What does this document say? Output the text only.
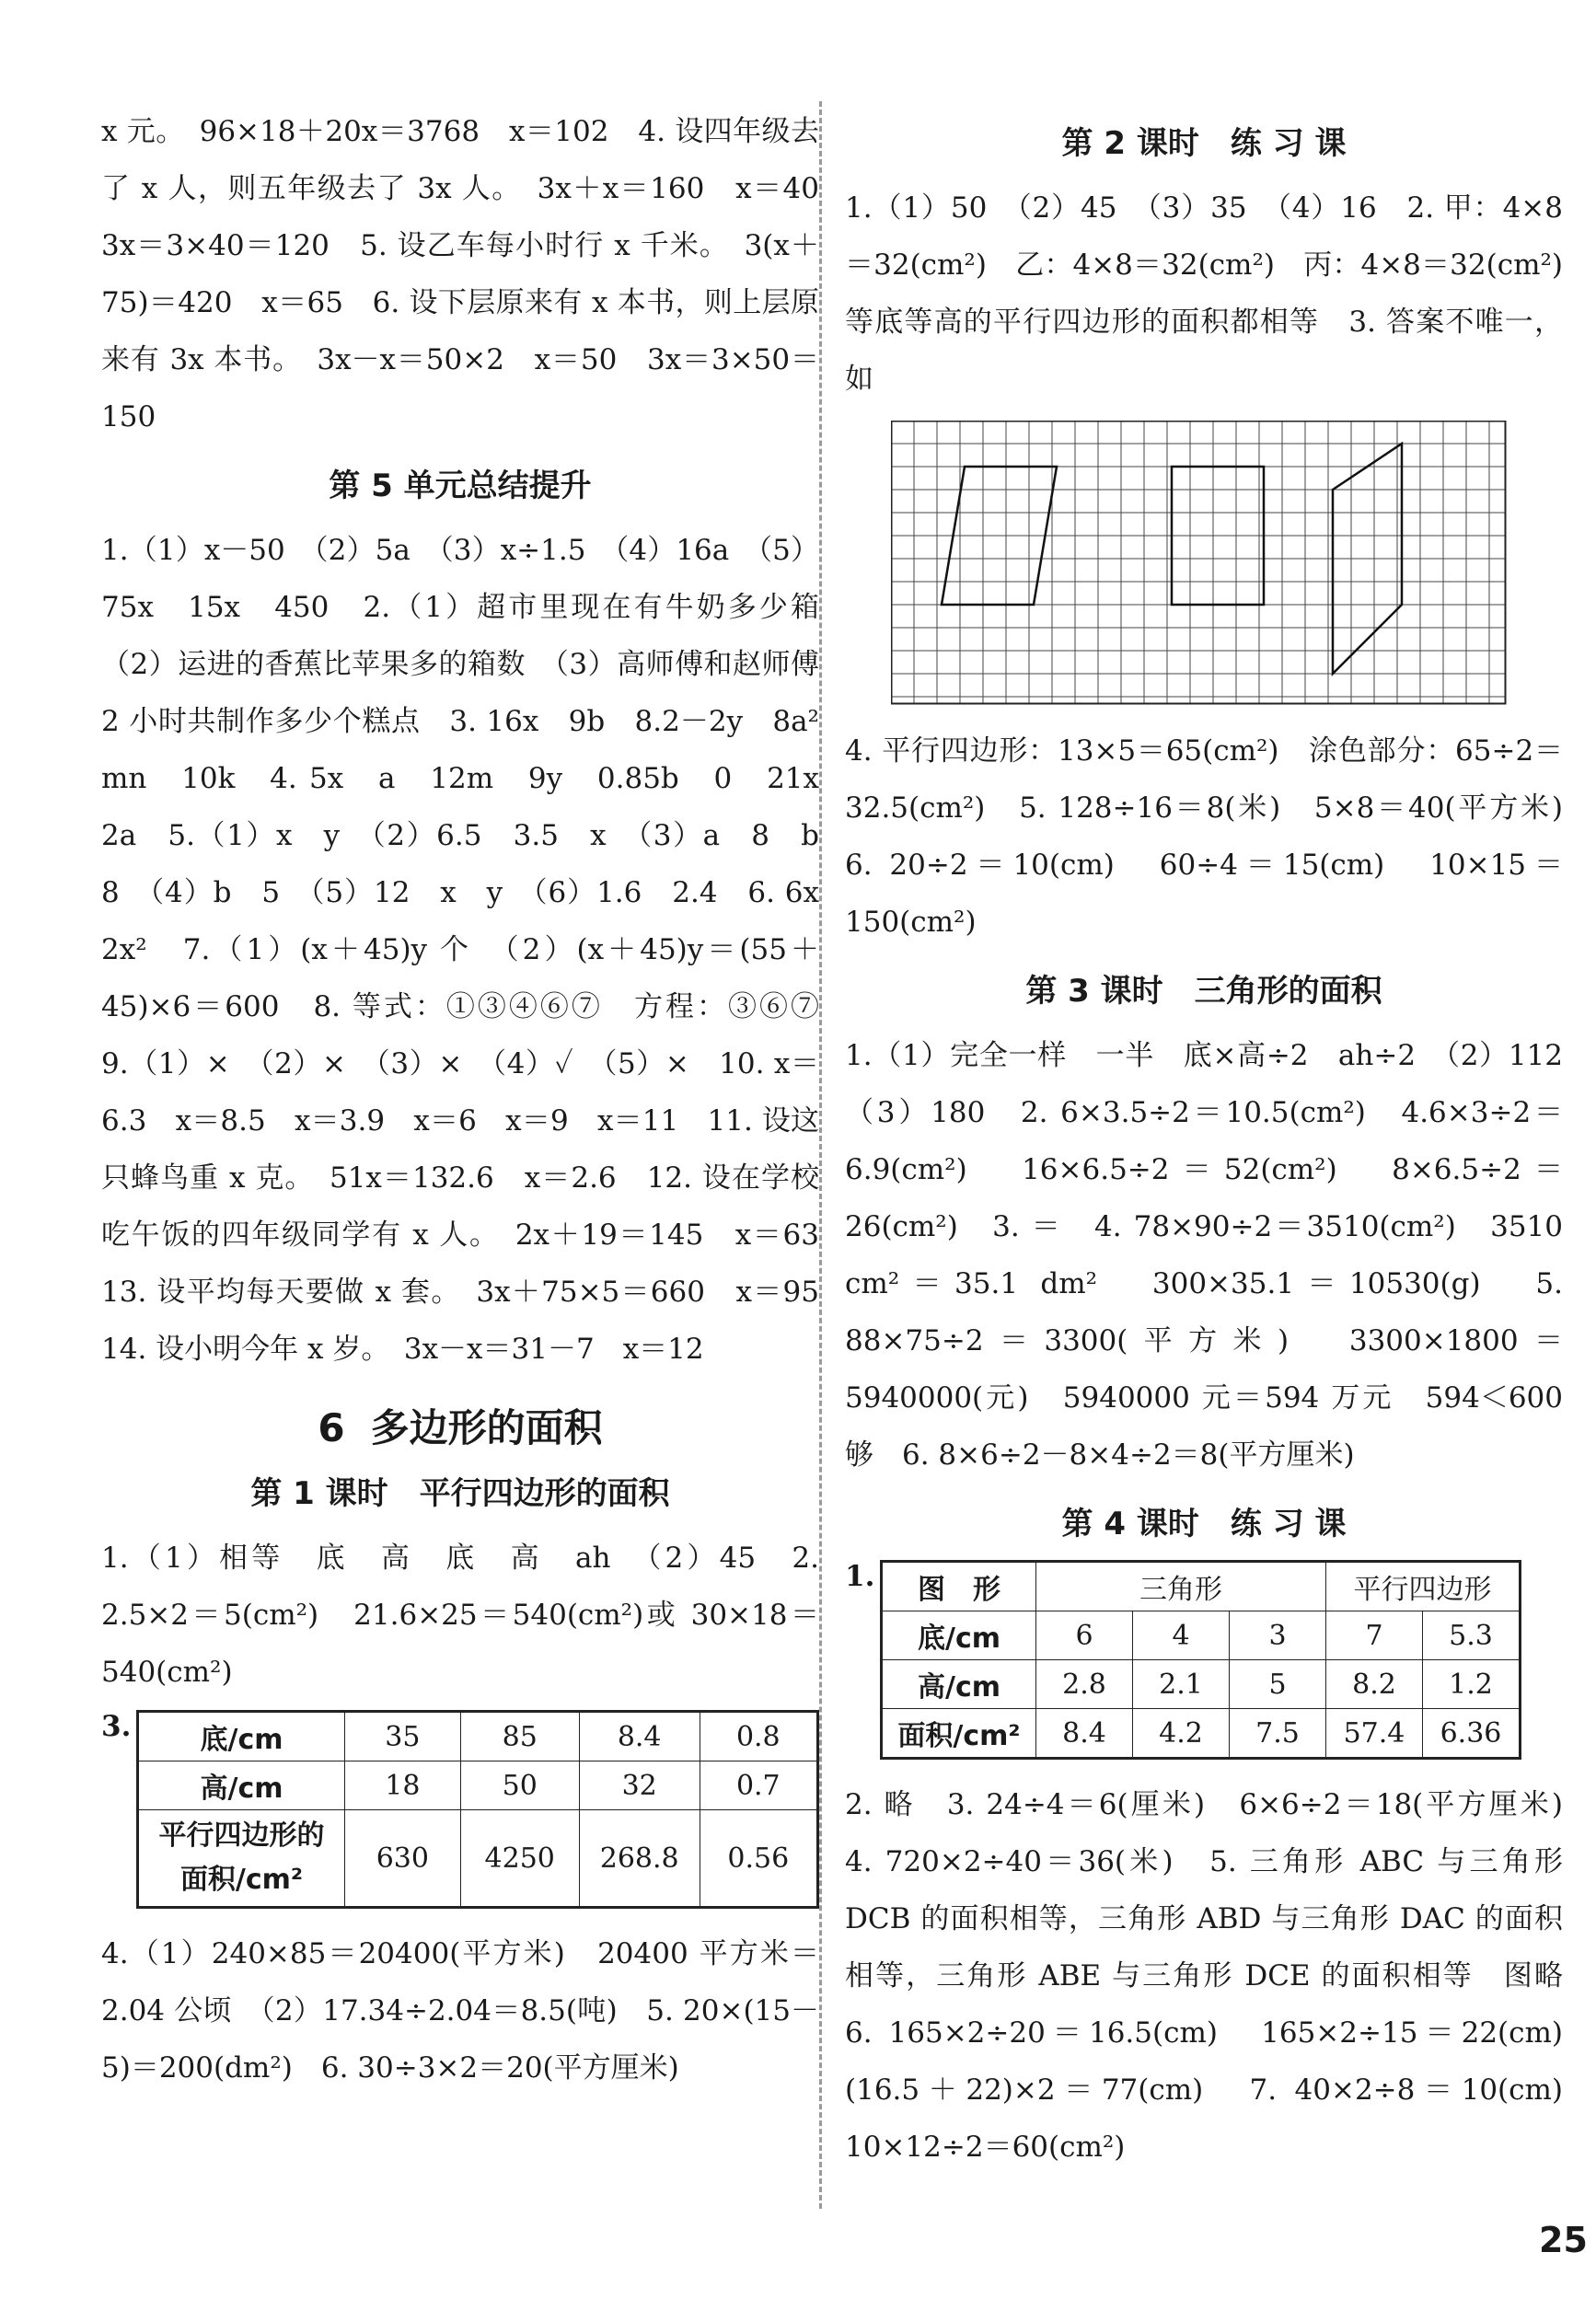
x 元。　96×18＋20x＝3768　x＝102　4. 设四年级去了 x 人，则五年级去了 3x 人。　3x＋x＝160　x＝40　3x＝3×40＝120　5. 设乙车每小时行 x 千米。　3(x＋75)＝420　x＝65　6. 设下层原来有 x 本书，则上层原来有 3x 本书。　3x－x＝50×2　x＝50　3x＝3×50＝150

第 5 单元总结提升

1.（1）x－50　（2）5a　（3）x÷1.5　（4）16a　（5）75x　15x　450　2.（1）超市里现在有牛奶多少箱　（2）运进的香蕉比苹果多的箱数　（3）高师傅和赵师傅 2 小时共制作多少个糕点　3. 16x　9b　8.2－2y　8a²　mn　10k　4. 5x　a　12m　9y　0.85b　0　21x　2a　5.（1）x　y　（2）6.5　3.5　x　（3）a　8　b　8　（4）b　5　（5）12　x　y　（6）1.6　2.4　6. 6x　2x²　7.（1）(x＋45)y 个　（2）(x＋45)y＝(55＋45)×6＝600　8. 等式：①③④⑥⑦　方程：③⑥⑦　9.（1）×　（2）×　（3）×　（4）✓　（5）×　10. x＝6.3　x＝8.5　x＝3.9　x＝6　x＝9　x＝11　11. 设这只蜂鸟重 x 克。　51x＝132.6　x＝2.6　12. 设在学校吃午饭的四年级同学有 x 人。　2x＋19＝145　x＝63　13. 设平均每天要做 x 套。　3x＋75×5＝660　x＝95　14. 设小明今年 x 岁。　3x－x＝31－7　x＝12

6 多边形的面积
第 1 课时　平行四边形的面积

1.（1）相等　底　高　底　高　ah　（2）45　2. 2.5×2＝5(cm²)　21.6×25＝540(cm²)或 30×18＝540(cm²)

3.	底/cm	35	85	8.4	0.8
高/cm	18	50	32	0.7

平行四边形的
面积/cm²	630	4250	268.8	0.56

4.（1）240×85＝20400(平方米)　20400 平方米＝2.04 公顷　（2）17.34÷2.04＝8.5(吨)　5. 20×(15－5)＝200(dm²)　6. 30÷3×2＝20(平方厘米)

第 2 课时　练 习 课

1.（1）50　（2）45　（3）35　（4）16　2. 甲：4×8＝32(cm²)　乙：4×8＝32(cm²)　丙：4×8＝32(cm²)　等底等高的平行四边形的面积都相等　3. 答案不唯一，如

4. 平行四边形：13×5＝65(cm²)　涂色部分：65÷2＝32.5(cm²)　5. 128÷16＝8(米)　5×8＝40(平方米)　6. 20÷2＝10(cm)　60÷4＝15(cm)　10×15＝150(cm²)

第 3 课时　三角形的面积

1.（1）完全一样　一半　底×高÷2　ah÷2　（2）112　（3）180　2. 6×3.5÷2＝10.5(cm²)　4.6×3÷2＝6.9(cm²)　16×6.5÷2＝52(cm²)　8×6.5÷2＝26(cm²)　3. ＝　4. 78×90÷2＝3510(cm²)　3510 cm²＝35.1 dm²　300×35.1＝10530(g)　5. 88×75÷2＝3300(平方米)　3300×1800＝5940000(元)　5940000 元＝594 万元　594＜600　够　6. 8×6÷2－8×4÷2＝8(平方厘米)

第 4 课时　练 习 课
1. 图　形	三角形			平行四边形	
底/cm	6	4	3	7	5.3
高/cm	2.8	2.1	5	8.2	1.2
面积/cm²	8.4	4.2	7.5	57.4	6.36

2. 略　3. 24÷4＝6(厘米)　6×6÷2＝18(平方厘米)　4. 720×2÷40＝36(米)　5. 三角形 ABC 与三角形 DCB 的面积相等，三角形 ABD 与三角形 DAC 的面积相等，三角形 ABE 与三角形 DCE 的面积相等　图略　6. 165×2÷20＝16.5(cm)　165×2÷15＝22(cm)　(16.5＋22)×2＝77(cm)　7. 40×2÷8＝10(cm)　10×12÷2＝60(cm²)

25
